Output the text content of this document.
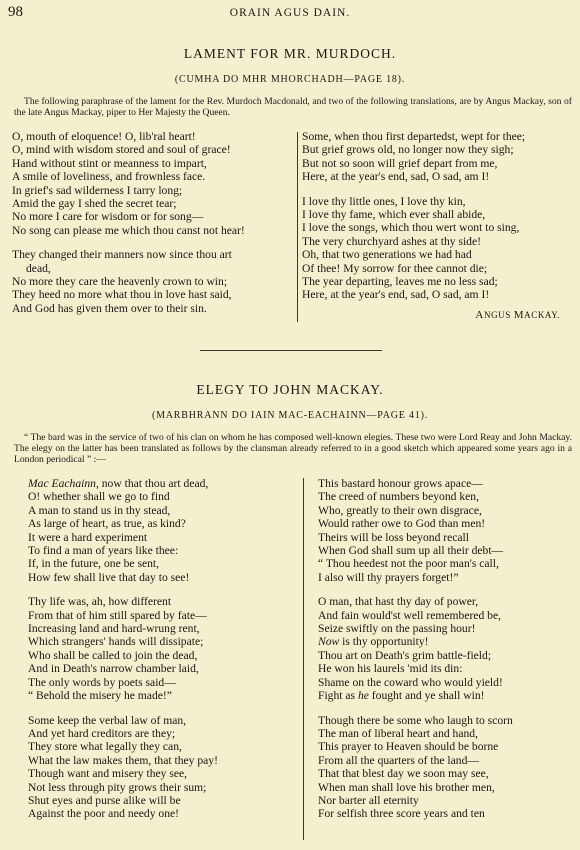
98	ORAIN AGUS DAIN.
LAMENT FOR MR. MURDOCH.
(CUMHA DO MHR MHORCHADH—PAGE 18).
The following paraphrase of the lament for the Rev. Murdoch Macdonald, and two of the following translations, are by Angus Mackay, son of the late Angus Mackay, piper to Her Majesty the Queen.
O, mouth of eloquence! O, lib'ral heart!
O, mind with wisdom stored and soul of grace!
Hand without stint or meanness to impart,
A smile of loveliness, and frownless face.
In grief's sad wilderness I tarry long;
Amid the gay I shed the secret tear;
No more I care for wisdom or for song—
No song can please me which thou canst not hear!
They changed their manners now since thou art
dead,
No more they care the heavenly crown to win;
They heed no more what thou in love hast said,
And God has given them over to their sin.
Some, when thou first departedst, wept for thee;
But grief grows old, no longer now they sigh;
But not so soon will grief depart from me,
Here, at the year's end, sad, O sad, am I!
I love thy little ones, I love thy kin,
I love thy fame, which ever shall abide,
I love the songs, which thou wert wont to sing,
The very churchyard ashes at thy side!
Oh, that two generations we had had
Of thee! My sorrow for thee cannot die;
The year departing, leaves me no less sad;
Here, at the year's end, sad, O sad, am I!
ANGUS MACKAY.
ELEGY TO JOHN MACKAY.
(MARBHRANN DO IAIN MAC-EACHAINN—PAGE 41).
“ The bard was in the service of two of his clan on whom he has composed well-known elegies. These two were Lord Reay and John Mackay. The elegy on the latter has been translated as follows by the clansman already referred to in a good sketch which appeared some years ago in a London periodical ” :—
Mac Eachainn, now that thou art dead,
O! whether shall we go to find
A man to stand us in thy stead,
As large of heart, as true, as kind?
It were a hard experiment
To find a man of years like thee:
If, in the future, one be sent,
How few shall live that day to see!
Thy life was, ah, how different
From that of him still spared by fate—
Increasing land and hard-wrung rent,
Which strangers' hands will dissipate;
Who shall be called to join the dead,
And in Death's narrow chamber laid,
The only words by poets said—
“ Behold the misery he made!”
Some keep the verbal law of man,
And yet hard creditors are they;
They store what legally they can,
What the law makes them, that they pay!
Though want and misery they see,
Not less through pity grows their sum;
Shut eyes and purse alike will be
Against the poor and needy one!
This bastard honour grows apace—
The creed of numbers beyond ken,
Who, greatly to their own disgrace,
Would rather owe to God than men!
Theirs will be loss beyond recall
When God shall sum up all their debt—
“ Thou heedest not the poor man's call,
I also will thy prayers forget!”
O man, that hast thy day of power,
And fain would'st well remembered be,
Seize swiftly on the passing hour!
Now is thy opportunity!
Thou art on Death's grim battle-field;
He won his laurels 'mid its din:
Shame on the coward who would yield!
Fight as he fought and ye shall win!
Though there be some who laugh to scorn
The man of liberal heart and hand,
This prayer to Heaven should be borne
From all the quarters of the land—
That that blest day we soon may see,
When man shall love his brother men,
Nor barter all eternity
For selfish three score years and ten
